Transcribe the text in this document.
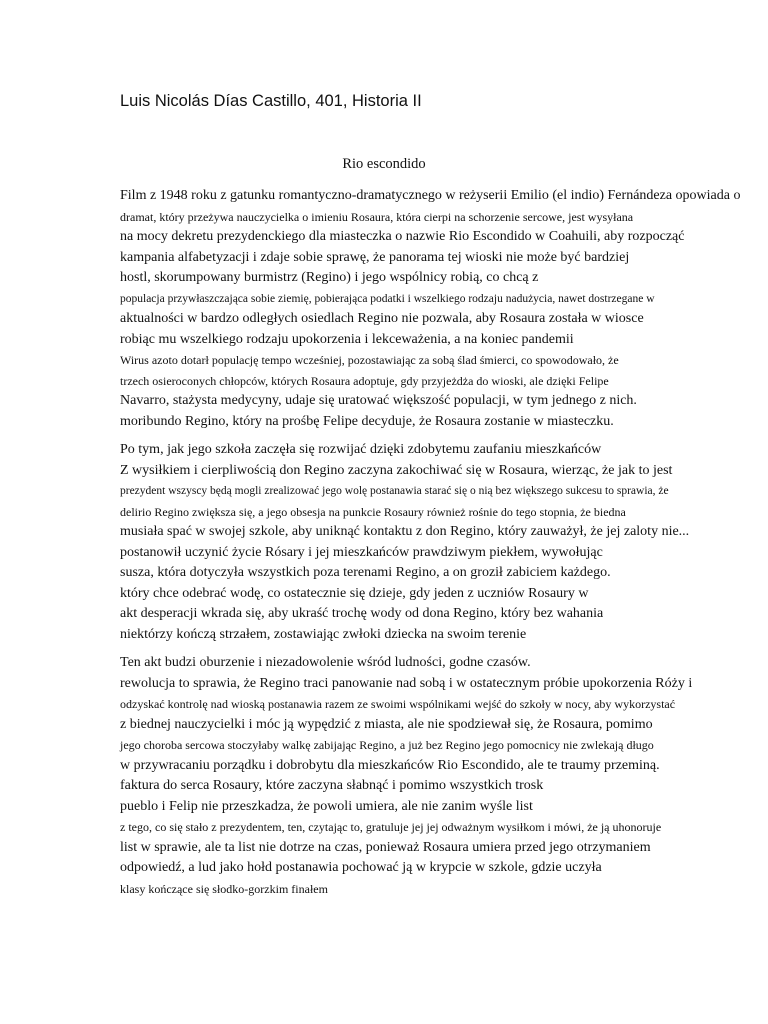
Luis Nicolás Días Castillo, 401, Historia II
Rio escondido
Film z 1948 roku z gatunku romantyczno-dramatycznego w reżyserii Emilio (el indio) Fernándeza opowiada o
dramat, który przeżywa nauczycielka o imieniu Rosaura, która cierpi na schorzenie sercowe, jest wysyłana
na mocy dekretu prezydenckiego dla miasteczka o nazwie Rio Escondido w Coahuili, aby rozpocząć
kampania alfabetyzacji i zdaje sobie sprawę, że panorama tej wioski nie może być bardziej
hostl, skorumpowany burmistrz (Regino) i jego wspólnicy robią, co chcą z
populacja przywłaszczająca sobie ziemię, pobierająca podatki i wszelkiego rodzaju nadużycia, nawet dostrzegane w
aktualności w bardzo odległych osiedlach Regino nie pozwala, aby Rosaura została w wiosce
robiąc mu wszelkiego rodzaju upokorzenia i lekceważenia, a na koniec pandemii
Wirus azoto dotarł populację tempo wcześniej, pozostawiając za sobą ślad śmierci, co spowodowało, że
trzech osieroconych chłopców, których Rosaura adoptuje, gdy przyjeżdża do wioski, ale dzięki Felipe
Navarro, stażysta medycyny, udaje się uratować większość populacji, w tym jednego z nich.
moribundo Regino, który na prośbę Felipe decyduje, że Rosaura zostanie w miasteczku.
Po tym, jak jego szkoła zaczęła się rozwijać dzięki zdobytemu zaufaniu mieszkańców
Z wysiłkiem i cierpliwością don Regino zaczyna zakochiwać się w Rosaura, wierząc, że jak to jest
prezydent wszyscy będą mogli zrealizować jego wolę postanawia starać się o nią bez większego sukcesu to sprawia, że
delirio Regino zwiększa się, a jego obsesja na punkcie Rosaury również rośnie do tego stopnia, że biedna
musiała spać w swojej szkole, aby uniknąć kontaktu z don Regino, który zauważył, że jej zaloty nie...
postanowił uczynić życie Rósary i jej mieszkańców prawdziwym piekłem, wywołując
susza, która dotyczyła wszystkich poza terenami Regino, a on groził zabiciem każdego.
który chce odebrać wodę, co ostatecznie się dzieje, gdy jeden z uczniów Rosaury w
akt desperacji wkrada się, aby ukraść trochę wody od dona Regino, który bez wahania
niektórzy kończą strzałem, zostawiając zwłoki dziecka na swoim terenie
Ten akt budzi oburzenie i niezadowolenie wśród ludności, godne czasów.
rewolucja to sprawia, że Regino traci panowanie nad sobą i w ostatecznym próbie upokorzenia Róży i
odzyskać kontrolę nad wioską postanawia razem ze swoimi wspólnikami wejść do szkoły w nocy, aby wykorzystać
z biednej nauczycielki i móc ją wypędzić z miasta, ale nie spodziewał się, że Rosaura, pomimo
jego choroba sercowa stoczyłaby walkę zabijając Regino, a już bez Regino jego pomocnicy nie zwlekają długo
w przywracaniu porządku i dobrobytu dla mieszkańców Rio Escondido, ale te traumy przeminą.
faktura do serca Rosaury, które zaczyna słabnąć i pomimo wszystkich trosk
pueblo i Felip nie przeszkadza, że powoli umiera, ale nie zanim wyśle list
z tego, co się stało z prezydentem, ten, czytając to, gratuluje jej jej odważnym wysiłkom i mówi, że ją uhonoruje
list w sprawie, ale ta list nie dotrze na czas, ponieważ Rosaura umiera przed jego otrzymaniem
odpowiedź, a lud jako hołd postanawia pochować ją w krypcie w szkole, gdzie uczyła
klasy kończące się słodko-gorzkim finałem
